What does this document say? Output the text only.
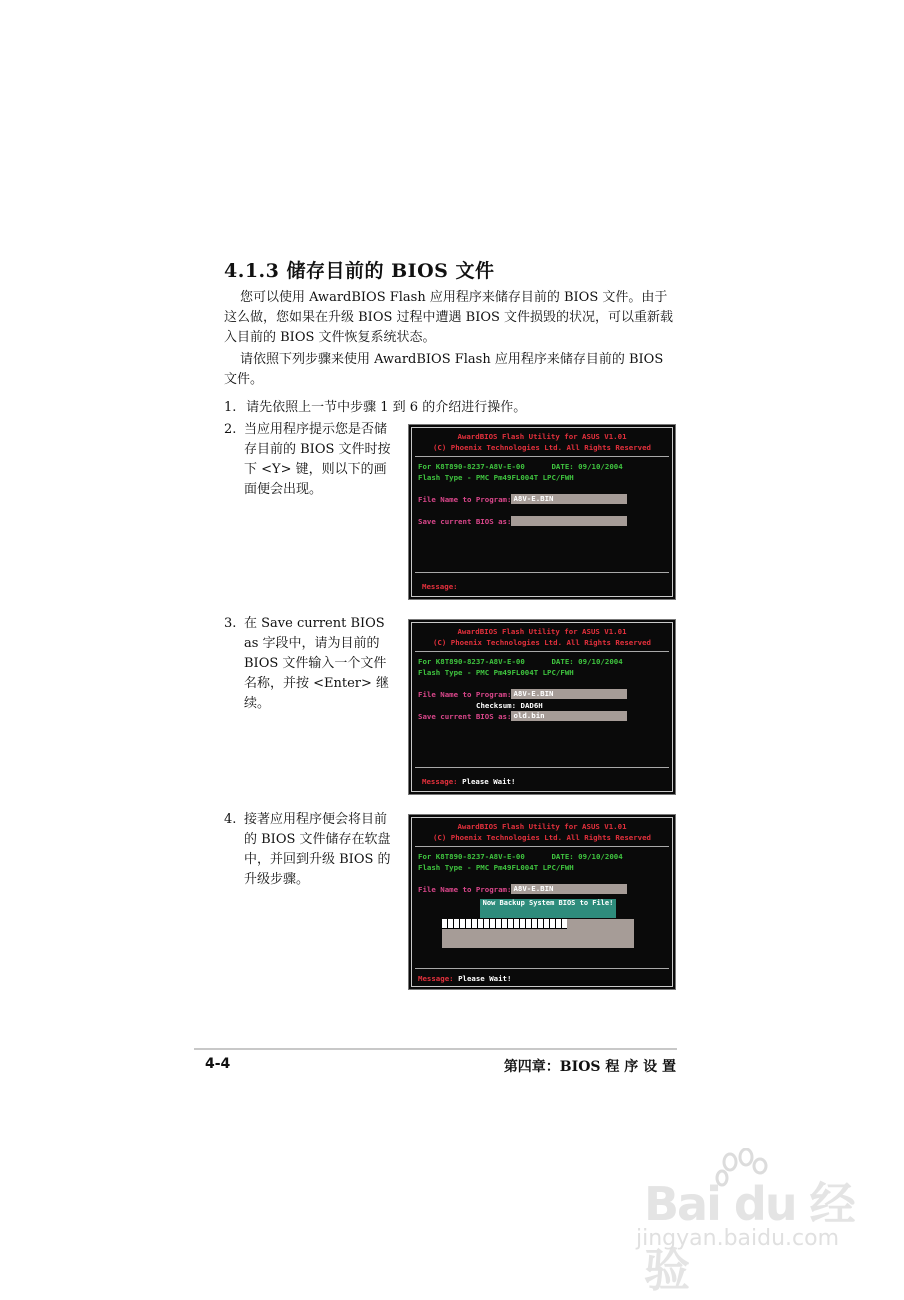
4.1.3 储存目前的 BIOS 文件

您可以使用 AwardBIOS Flash 应用程序来储存目前的 BIOS 文件。由于这么做，您如果在升级 BIOS 过程中遭遇 BIOS 文件损毁的状况，可以重新载入目前的 BIOS 文件恢复系统状态。

请依照下列步骤来使用 AwardBIOS Flash 应用程序来储存目前的 BIOS 文件。

1. 请先依照上一节中步骤 1 到 6 的介绍进行操作。
2. 当应用程序提示您是否储存目前的 BIOS 文件时按下 <Y> 键，则以下的画面便会出现。
3. 在 Save current BIOS as 字段中，请为目前的 BIOS 文件输入一个文件名称，并按 <Enter> 继续。
4. 接著应用程序便会将目前的 BIOS 文件储存在软盘中，并回到升级 BIOS 的升级步骤。
AwardBIOS Flash Utility for ASUS V1.01
(C) Phoenix Technologies Ltd. All Rights Reserved
For K8T890-8237-A8V-E-00      DATE: 09/10/2004
Flash Type - PMC Pm49FL004T LPC/FWH
File Name to Program: A8V-E.BIN
Save current BIOS as:
Message:
AwardBIOS Flash Utility for ASUS V1.01
(C) Phoenix Technologies Ltd. All Rights Reserved
For K8T890-8237-A8V-E-00      DATE: 09/10/2004
Flash Type - PMC Pm49FL004T LPC/FWH
File Name to Program: A8V-E.BIN
Checksum: DAD6H
Save current BIOS as: old.bin
Message: Please Wait!
AwardBIOS Flash Utility for ASUS V1.01
(C) Phoenix Technologies Ltd. All Rights Reserved
For K8T890-8237-A8V-E-00      DATE: 09/10/2004
Flash Type - PMC Pm49FL004T LPC/FWH
File Name to Program: A8V-E.BIN
Now Backup System BIOS to File!
Message: Please Wait!
4-4	第四章：BIOS 程 序 设 置
Bai du 经验
jingyan.baidu.com
